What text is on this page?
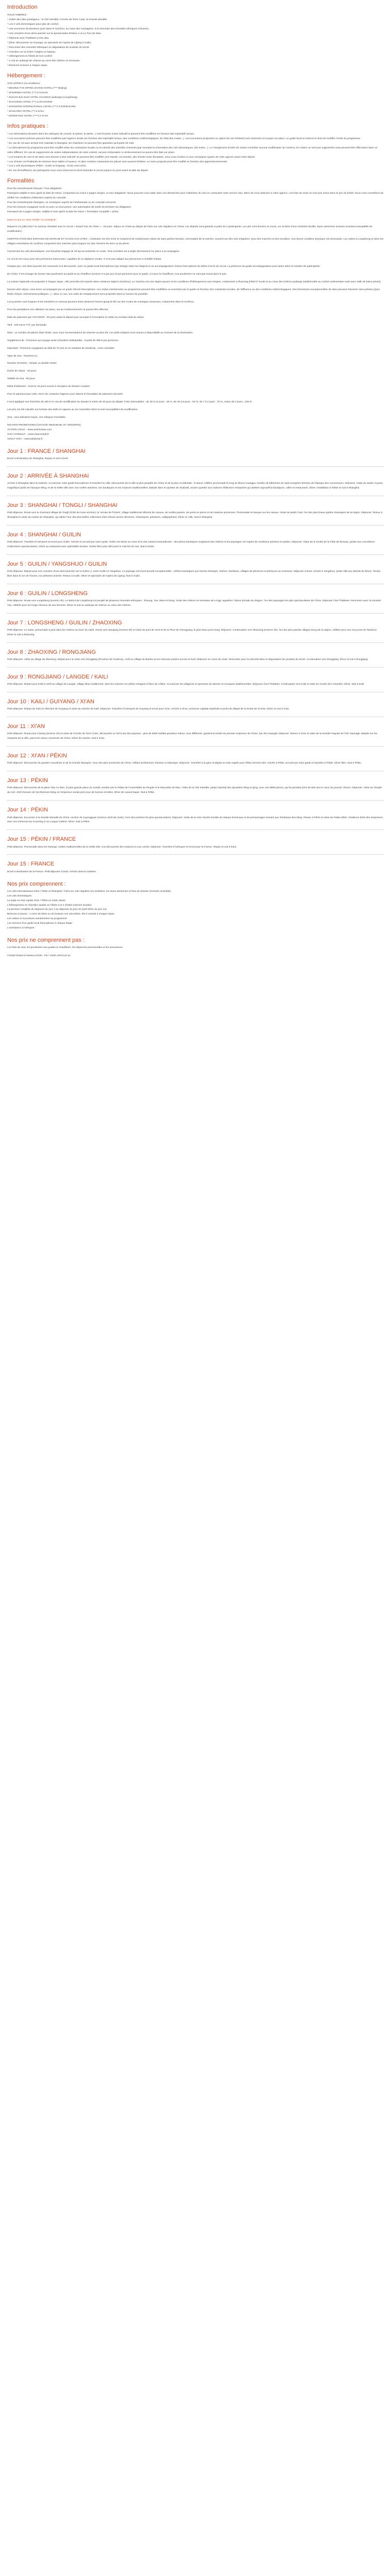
Introduction

VOUS AIMEREZ :

* Visiter des sites prestigieux : la Cité Interdite, l'Armée de Terre Cuite, la Grande Muraille.

* Les 2 vols domestiques pour plus de confort.

* Une excursion de plusieurs jours dans le Guizhou, au cœur des montagnes, à la rencontre des minorités ethniques chinoises.

* Une croisière d'une demi-journée sur la spectaculaire Rivière Li et La Tour de Wan.

* Déjeuner avec l'habitant à Cha Jiao.

* Dîner 'découverte' au Guangxi, au spectacle de l'opéra de Lijiang à Guilin.

* Rencontre des minorités ethniques en dégustation de produits du terroir.

* Croisière sur la rivière Yangtze en bateau.

* Hébergement en hôtels de bon confort

* 1 nuit en auberge de charme au cœur des rizières en terrasses.

* Boissons incluses à chaque repas.

Hébergement :

VOS HÔTELS (ou similaires) :

* BEIJING FAN XIPING ZHANG HOTEL (**** Beijing)

* ZHONGBAI HOTEL (***) à GUILIN

* ZHAIJIA BAI GUO HOTEL GUANGXI (auberge) (Longsheng)

* ZHAOXING HOTEL (***) à ZHAOXING

* SHANGPIN INTERNATIONAL HOTEL (****) à RONGJIANG

* ZHAILONG HOTEL (**) à KAILI

* DONGFANG HOTEL (****) à XI'AN

Infos pratiques :

* Les informations données dans les rubriques (le conseil, la saison, la durée...) sont fournies à titre indicatif et peuvent être modifiées en fonction des impératifs locaux.

* Les excursions prévues peuvent être modifiées par l'agence locale (en fonction des impératifs locaux, des conditions météorologiques, de l'état des routes...). Les excursions proposées en option (le cas échéant) sont réservées et à payer sur place. Le guide local se réserve le droit de modifier l'ordre du programme.

* En cas de vol avec arrivée très matinale à Shanghai, les chambres ne peuvent être garanties qu'à partir de midi.

* Le déroulement du programme peut être modifié selon les contraintes locales ou la volonté des autorités chinoises (par exemple la réservation des vols domestiques, des trains...). Le changement d'ordre de visites n'entraîne aucune modification du contenu, les visites ne sont pas supprimées mais peuvent être effectuées dans un ordre différent. En cas de suppression de visites indépendantes de notre volonté, aucune réclamation ni remboursement ne pourra être faits sur place.

* Les horaires de vols et de trains sont donnés à titre indicatif. Ils peuvent être modifiés (vol retardé, vol annulé), afin d'éviter toute déception, nous vous invitons à vous renseigner auprès de votre agence avant votre départ.

* Les Chinois ont l'habitude de réserver leurs tables à l'avance, et dans certains restaurants les places sont souvent limitées. Le menu proposé peut être modifié en fonction des approvisionnements.

* Les 2 vols domestiques (Pékin - Guilin et Guiyang - Xi'an) sont inclus.

* En cas d'insuffisance de participants nous nous réservons le droit d'annuler le circuit jusqu'à 21 jours avant la date de départ.

Formalités

Pour les ressortissants français / Visa obligatoire :

Passeport valable 6 mois après la date de retour, comportant au moins 2 pages vierges, et visa obligatoire. Nous pouvons vous aider dans vos démarches pour l'obtention du visa en contactant notre service visa. Merci de vous adresser à votre agence. Les frais de visas ne sont pas inclus dans le prix du forfait. Nous vous conseillons de vérifier les conditions d'obtention auprès du consulat.

Pour les ressortissants étrangers, se renseigner auprès de l'ambassade ou du consulat concerné.

Pour les mineurs voyageant seuls ou avec un seul parent, une autorisation de sortie du territoire est obligatoire.

Passeport de 2 pages vierges, valable 6 mois après la date de retour + formulaire complété + photo.

Dates et prix en VISA-SOME "CLASSIQUE"

Départ le 14 juillet 2017 en autocar climatisé avec le circuit « Grand Tour de Chine » : 16 jours. Séjour en Chine au départ de Paris sur vols réguliers Air China. Les départs sont garantis à partir de 2 participants. Les prix sont donnés en euros, sur la base d'une chambre double, taxes aériennes incluses (montant susceptible de modification).

CERTIFICATION DES ESPACES DE MARCHE ET ACCÈS AUX SITES : L'itinéraire est très riche et comprend de nombreuses visites de sites parfois étendus, nécessitant de la marche, souvent sur des sols irréguliers, avec des marches et des escaliers. Une bonne condition physique est nécessaire. Les visites à Longsheng et dans les villages minoritaires du Guizhou comportent des marches plus longues sur des chemins de terre ou de pierre.

Concernant les vols domestiques, une franchise bagage de 20 kg est autorisée en soute. Tout excédent est à régler directement sur place à la compagnie.

Ce circuit est conçu pour des personnes autonomes, capables de se déplacer seules. Il n'est pas adapté aux personnes à mobilité réduite.

Chaque jour, une demi-journée est consacrée à la découverte, avec un guide local francophone (qui change selon les étapes) et un accompagnateur chinois francophone du début à la fin du circuit. La présence du guide accompagnateur peut varier selon le nombre de participants.

En Chine, il est d'usage de donner des pourboires au guide et au chauffeur (environ 3 € par jour et par personne pour le guide, 2 € pour le chauffeur). Ces pourboires ne sont pas inclus dans le prix.

La cuisine régionale est proposée à chaque repas ; elle peut être très épicée dans certaines régions (Guizhou). Le Guizhou est une région pauvre et les conditions d'hébergement sont simples, notamment à Zhaoxing (hôtel 3* local) et au cœur des rizières (auberge traditionnelle au confort rudimentaire mais avec salle de bains privée).

Durant votre séjour, vous serez accompagné par un guide chinois francophone. Les visites mentionnées au programme peuvent être modifiées ou inversées par le guide en fonction des contraintes locales, de l'affluence ou des conditions météorologiques. Des fermetures exceptionnelles de sites peuvent intervenir sans préavis (jours fériés chinois, évènements politiques...) ; dans ce cas, une visite de remplacement sera proposée dans la mesure du possible.

Les journées sont longues et les transferts en autocar peuvent durer plusieurs heures (jusqu'à 6h) sur des routes de montagne sinueuses, notamment dans le Guizhou.

Pour les prestations non utilisées sur place, aucun remboursement ne pourra être effectué.

Date de paiement par VOYAMAR : 30 jours avant le départ pour acompte à l'inscription et solde du montant total du séjour.

Tarif : 100 euros TTC par demande.

Note : Le nombre de places étant limité, nous vous recommandons de réserver au plus tôt. Les tarifs indiqués sont soumis à disponibilité au moment de la réservation.

Supplément de : Personne qui voyage seule (chambre individuelle) : à partir de 395 € par personne.

Important : Personne voyageant au-delà de 70 ans ou en situation de handicap : nous consulter.

Type de visa : Tourisme (L)

Nombre d'entrées : Simple ou double entrée

Durée de séjour : 30 jours

Validité du visa : 90 jours

Délai d'obtention : environ 15 jours ouvrés à réception du dossier complet.

Pour le paiement par carte, merci de contacter l'agence pour obtenir le formulaire de paiement sécurisé.

Il sera appliqué une franchise de 150 € en cas de modification du dossier à moins de 30 jours du départ. Frais d'annulation : de 30 à 21 jours : 25 %, de 20 à 8 jours : 50 %, de 7 à 2 jours : 75 %, moins de 2 jours : 100 %.

Les prix ont été calculés sur la base des tarifs en vigueur au 1er novembre 2016 et sont susceptibles de modification.

Visa : visa individuel requis, voir rubrique Formalités.

NGUYEN PROMOTIONS (VOYAGE INDIVIDUEL ET GROUPES)

ACTION VISAS – www.actionvisas.com

VISA CONSULT – www.visaconsult.fr

ADULT VISA – www.adultvisa.fr

Jour 1 : FRANCE / SHANGHAI

Envol à destination de Shanghai. Repas et nuit à bord.

Jour 2 : ARRIVÉE À SHANGHAI

Arrivée à Shanghai dans la matinée. Accueil par votre guide francophone et transfert en ville. Découverte de la ville la plus peuplée de Chine et de la plus occidentale : le Bund, célèbre promenade le long du fleuve Huangpu, bordée de bâtiments de style européen témoins de l'époque des concessions. Déjeuner. Visite du Jardin Yuyuan, magnifique jardin de l'époque Ming, et de la vieille ville avec ses ruelles animées, ses boutiques et ses maisons traditionnelles. Balade dans le quartier de Xintiandi, ancien quartier aux maisons Shikumen restaurées qui abritent aujourd'hui boutiques, cafés et restaurants. Dîner. Installation à l'hôtel et nuit à Shanghai.

Jour 3 : SHANGHAI / TONGLI / SHANGHAI

Petit déjeuner. Route vers le charmant village de Tongli (1h30 de route environ), la 'Venise de l'Orient', village traditionnel sillonné de canaux, de ruelles pavées, de ponts en pierre et de maisons anciennes. Promenade en barque sur les canaux. Visite du jardin Tuisi, l'un des plus beaux jardins classiques de la région. Déjeuner. Retour à Shanghai et visite du musée de Shanghai, qui abrite l'une des plus belles collections d'art chinois ancien (bronzes, céramiques, peintures, calligraphies). Dîner en ville. Nuit à Shanghai.

Jour 4 : SHANGHAI / GUILIN

Petit déjeuner. Transfert à l'aéroport et envol pour Guilin. Arrivée et accueil par votre guide. Guilin est située au cœur d'un site naturel extraordinaire : des pitons karstiques surgissent des rizières et les paysages ont inspiré de nombreux peintres et poètes. Déjeuner. Visite de la Grotte de la Flûte de Roseau, grotte aux concrétions multicolores spectaculaires. Dîner au restaurant avec spécialités locales. Soirée libre pour découvrir le marché de nuit. Nuit à Guilin.

Jour 5 : GUILIN / YANGSHUO / GUILIN

Petit déjeuner. Départ pour une croisière d'une demi-journée sur la rivière Li, entre Guilin et Yangshuo. Le paysage est d'une beauté exceptionnelle : collines karstiques aux formes étranges, rizières, bambous, villages de pêcheurs et pêcheurs au cormoran. Déjeuner à bord. Arrivée à Yangshuo, petite ville aux abords du fleuve. Temps libre dans la rue de l'Ouest, rue piétonne animée. Retour à Guilin. Dîner et spectacle de l'opéra de Lijiang. Nuit à Guilin.

Jour 6 : GUILIN / LONGSHENG

Petit déjeuner. Route vers Longsheng (environ 3h). Le district de Longsheng est peuplé de plusieurs minorités ethniques : Zhuang, Yao, Miao et Dong. Visite des rizières en terrasses de Longji, appelées 'l'épine dorsale du dragon', l'un des paysages les plus spectaculaires de Chine. Déjeuner chez l'habitant. Rencontre avec la minorité Yao, célèbre pour les longs cheveux de ses femmes. Dîner et nuit en auberge de charme au cœur des rizières.

Jour 7 : LONGSHENG / GUILIN / ZHAOXING

Petit déjeuner. Le matin, promenade à pied dans les rizières au lever du soleil. Route vers Sanjiang (environ 3h) et visite du pont du Vent et de la Pluie de Chengyang, le plus beau pont Dong. Déjeuner. Continuation vers Zhaoxing (environ 3h), l'un des plus grands villages Dong de la région, célèbre pour ses cinq tours du Tambour. Dîner et nuit à Zhaoxing.

Jour 8 : ZHAOXING / RONGJIANG

Petit déjeuner. Visite du village de Zhaoxing. Départ pour la route vers Rongjiang (Province de Guizhou). Arrêt au village de Basha où les hommes portent encore le fusil. Déjeuner en cours de route. Rencontre avec la minorité Miao et dégustation de produits du terroir. Continuation vers Rongjiang. Dîner et nuit à Rongjiang.

Jour 9 : RONGJIANG / LANGDE / KAILI

Petit déjeuner. Départ pour Kaili et arrêt au village de Langde, village Miao traditionnel, dont les maisons sur pilotis s'étagent à flanc de colline. Accueil par les villageois et spectacle de danses et musiques traditionnelles. Déjeuner chez l'habitant. Continuation vers Kaili et visite du musée des minorités. Dîner. Nuit à Kaili.

Jour 10 : KAILI / GUIYANG / XI'AN

Petit déjeuner. Départ de Kaili en direction de Guiyang et visite du marché de Kaili. Déjeuner. Transfert à l'aéroport de Guiyang et envol pour Xi'an. Arrivée à Xi'an, ancienne capitale impériale et point de départ de la Route de la Soie. Dîner et nuit à Xi'an.

Jour 11 : XI'AN

Petit déjeuner. Route pour Lintong (environ 1h) et visite de l'Armée de Terre Cuite, découverte en 1974 par des paysans : plus de 6000 soldats grandeur nature, tous différents, gardent la tombe du premier empereur de Chine, Qin Shi Huangdi. Déjeuner. Retour à Xi'an et visite de la Grande Pagode de l'Oie Sauvage. Balade sur les remparts de la ville, parmi les mieux conservés de Chine. Dîner de raviolis. Nuit à Xi'an.

Jour 12 : XI'AN / PÉKIN

Petit déjeuner. Découverte du quartier musulman et de la Grande Mosquée, l'une des plus anciennes de Chine, mêlant architecture chinoise et islamique. Déjeuner. Transfert à la gare et départ en train rapide pour Pékin (environ 5h). Arrivée à Pékin, accueil par votre guide et transfert à l'hôtel. Dîner libre. Nuit à Pékin.

Jour 13 : PÉKIN

Petit déjeuner. Découverte de la place Tian An Men, la plus grande place du monde, bordée par le Palais de l'Assemblée du Peuple et le Mausolée de Mao. Visite de la Cité Interdite, palais impérial des dynasties Ming et Qing, avec ses 9999 pièces, qui fut pendant près de 500 ans le cœur du pouvoir chinois. Déjeuner. Visite du Temple du Ciel, chef-d'œuvre de l'architecture Ming où l'empereur venait prier pour de bonnes récoltes. Dîner de canard laqué. Nuit à Pékin.

Jour 14 : PÉKIN

Petit déjeuner. Excursion à la Grande Muraille de Chine, section de Juyongguan (environ 1h30 de route), l'une des portions les plus spectaculaires. Déjeuner. Visite de la Voie Sacrée bordée de statues d'animaux et de personnages menant aux Tombeaux des Ming. Retour à Pékin et visite du Palais d'Été, résidence d'été des empereurs, avec son immense lac Kunming et sa Longue Galerie. Dîner. Nuit à Pékin.

Jour 15 : PÉKIN / FRANCE

Petit déjeuner. Promenade dans les hutongs, ruelles traditionnelles de la vieille ville, à la découverte des maisons à cour carrée. Déjeuner. Transfert à l'aéroport et envol pour la France. Repas et nuit à bord.

Jour 15 : FRANCE

Envol à destination de la France. Petit déjeuner à bord. Arrivée dans la matinée.

Nos prix comprennent :

Les vols internationaux Paris / Pékin et Shanghai / Paris sur vols réguliers (ou similaire), les taxes aériennes et frais de dossier (montant révisable)

Les vols domestiques

Le trajet en train rapide Xi'an / Pékin en 2nde classe

L'hébergement en chambre double en hôtels 3 et 4 étoiles (normes locales)

La pension complète du déjeuner du jour 2 au déjeuner du jour 15 (sauf dîner du jour 12)

Boissons incluses : 1 verre de bière ou de boisson non alcoolisée, thé à volonté à chaque repas

Les visites et excursions mentionnées au programme

Les services d'un guide local francophone à chaque étape

L'assistance à l'aéroport

Nos prix ne comprennent pas :

Les frais de visa, les pourboires aux guides et chauffeurs, les dépenses personnelles et les assurances.

CONDITIONS D'ANNULATION : FR / VOIR ARTICLE 61
